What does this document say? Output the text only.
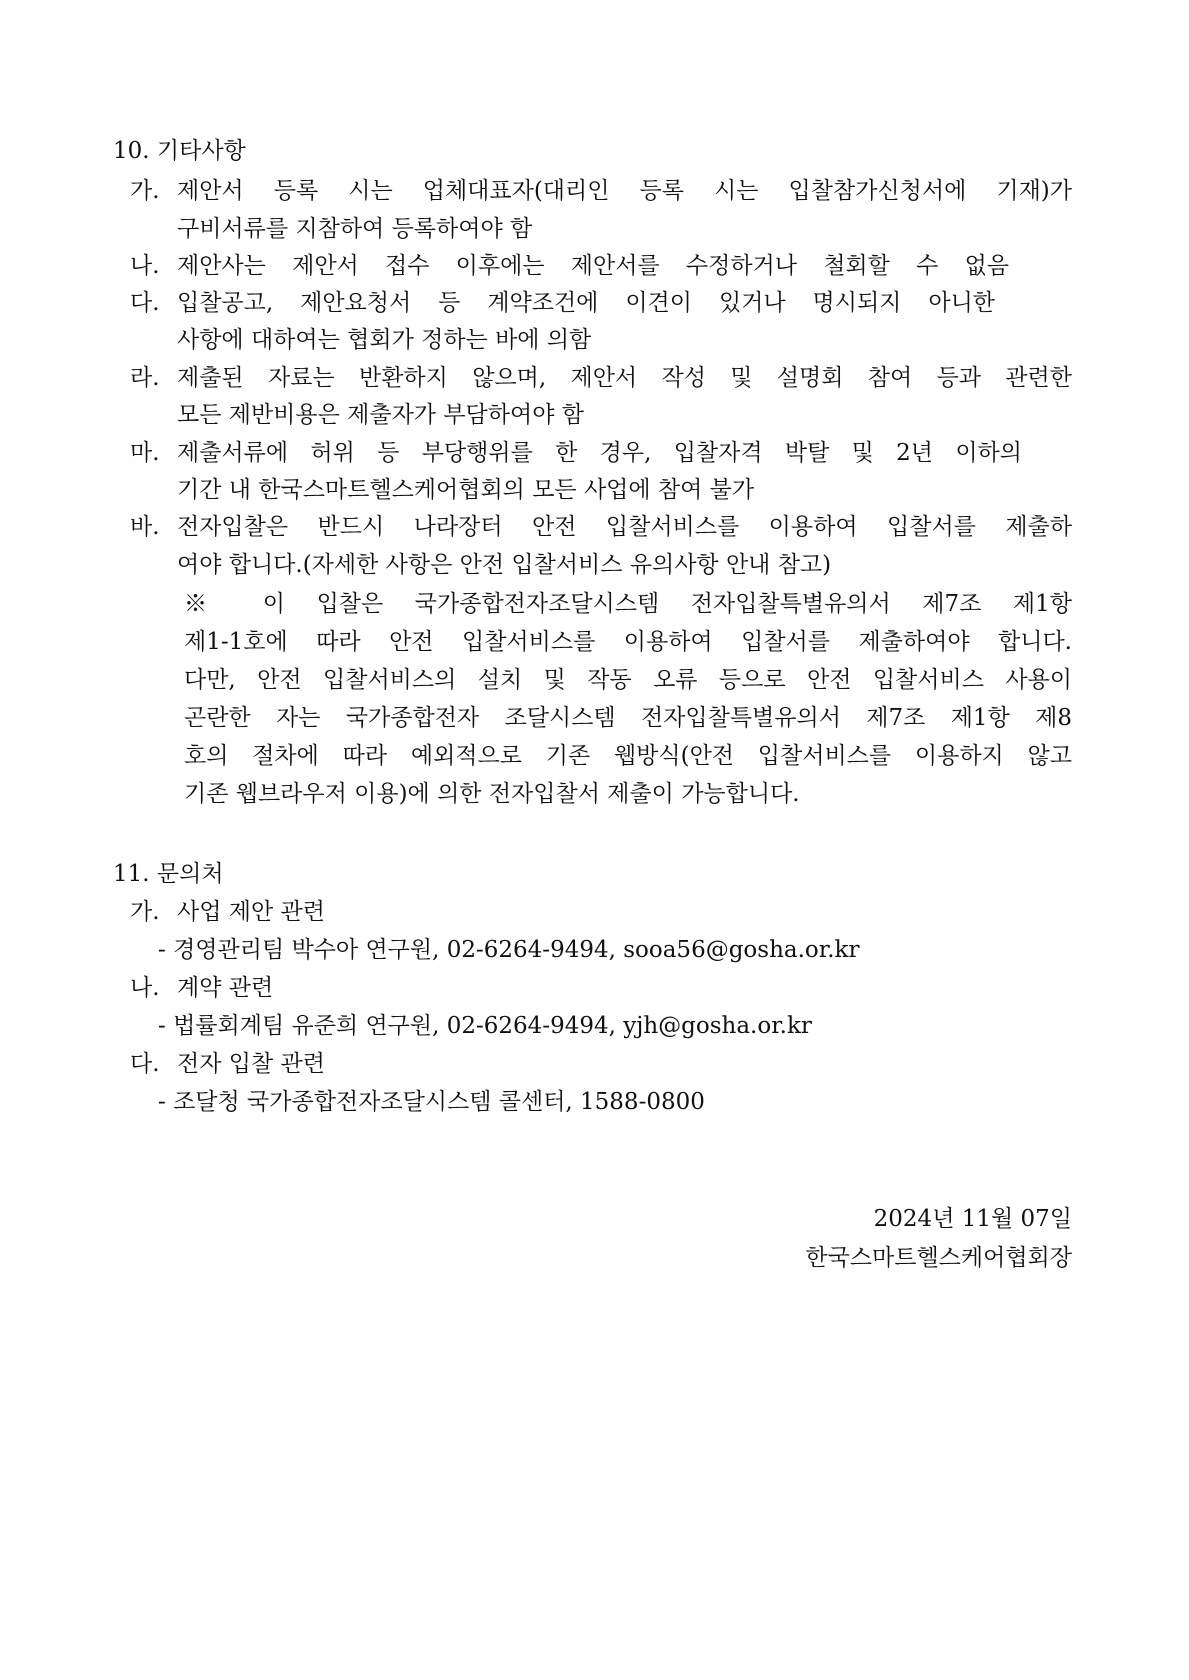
10. 기타사항
가. 제안서 등록 시는 업체대표자(대리인 등록 시는 입찰참가신청서에 기재)가
구비서류를 지참하여 등록하여야 함
나. 제안사는 제안서 접수 이후에는 제안서를 수정하거나 철회할 수 없음
다. 입찰공고, 제안요청서 등 계약조건에 이견이 있거나 명시되지 아니한
사항에 대하여는 협회가 정하는 바에 의함
라. 제출된 자료는 반환하지 않으며, 제안서 작성 및 설명회 참여 등과 관련한
모든 제반비용은 제출자가 부담하여야 함
마. 제출서류에 허위 등 부당행위를 한 경우, 입찰자격 박탈 및 2년 이하의
기간 내 한국스마트헬스케어협회의 모든 사업에 참여 불가
바. 전자입찰은 반드시 나라장터 안전 입찰서비스를 이용하여 입찰서를 제출하
여야 합니다.(자세한 사항은 안전 입찰서비스 유의사항 안내 참고)
※ 이 입찰은 국가종합전자조달시스템 전자입찰특별유의서 제7조 제1항
제1-1호에 따라 안전 입찰서비스를 이용하여 입찰서를 제출하여야 합니다.
다만, 안전 입찰서비스의 설치 및 작동 오류 등으로 안전 입찰서비스 사용이
곤란한 자는 국가종합전자 조달시스템 전자입찰특별유의서 제7조 제1항 제8
호의 절차에 따라 예외적으로 기존 웹방식(안전 입찰서비스를 이용하지 않고
기존 웹브라우저 이용)에 의한 전자입찰서 제출이 가능합니다.
11. 문의처
가. 사업 제안 관련
- 경영관리팀 박수아 연구원, 02-6264-9494, sooa56@gosha.or.kr
나. 계약 관련
- 법률회계팀 유준희 연구원, 02-6264-9494, yjh@gosha.or.kr
다. 전자 입찰 관련
- 조달청 국가종합전자조달시스템 콜센터, 1588-0800
2024년 11월 07일
한국스마트헬스케어협회장
